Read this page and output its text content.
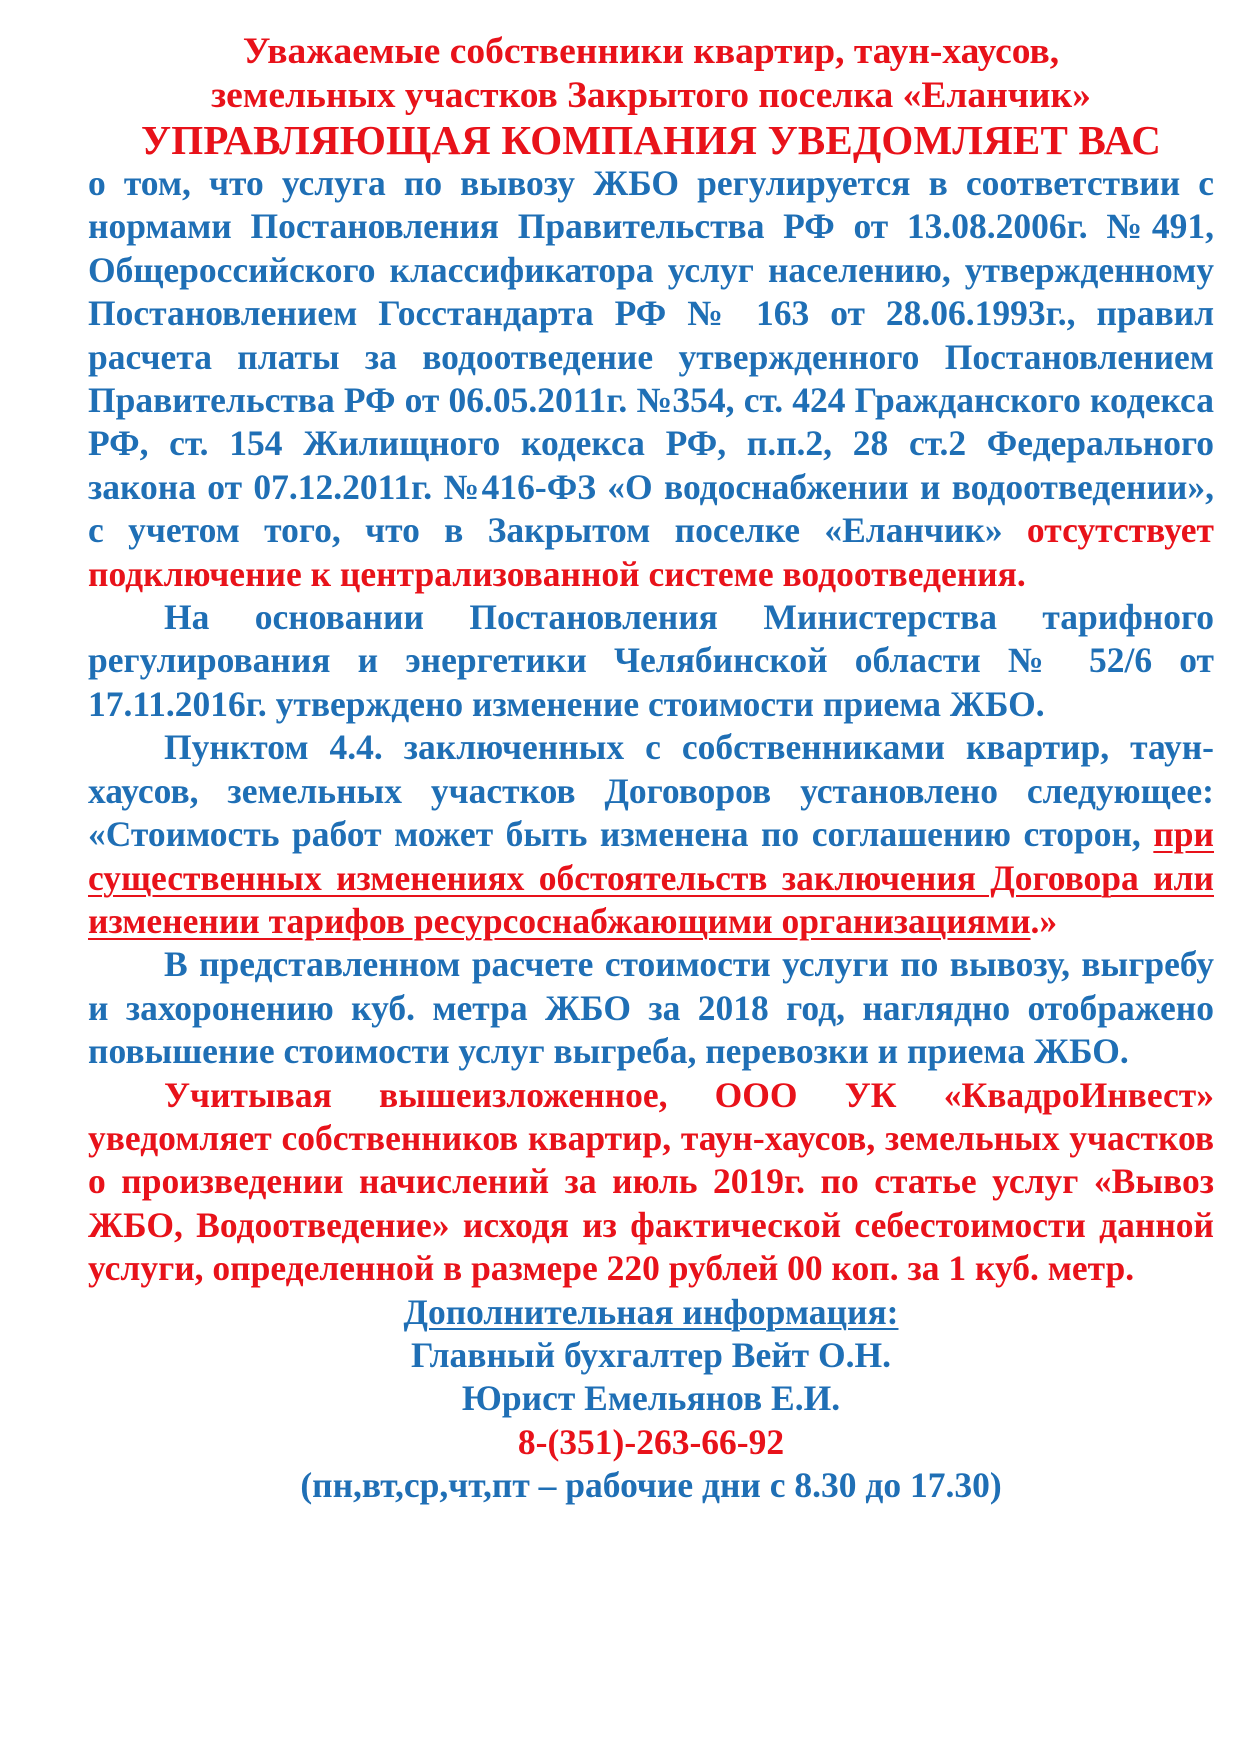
Уважаемые собственники квартир, таун-хаусов,
земельных участков Закрытого поселка «Еланчик»
УПРАВЛЯЮЩАЯ КОМПАНИЯ УВЕДОМЛЯЕТ ВАС

о том, что услуга по вывозу ЖБО регулируется в соответствии с нормами Постановления Правительства РФ от 13.08.2006г. №491, Общероссийского классификатора услуг населению, утвержденному Постановлением Госстандарта РФ № 163 от 28.06.1993г., правил расчета платы за водоотведение утвержденного Постановлением Правительства РФ от 06.05.2011г. №354, ст. 424 Гражданского кодекса РФ, ст. 154 Жилищного кодекса РФ, п.п.2, 28 ст.2 Федерального закона от 07.12.2011г. №416-ФЗ «О водоснабжении и водоотведении», с учетом того, что в Закрытом поселке «Еланчик» отсутствует подключение к централизованной системе водоотведения.

На основании Постановления Министерства тарифного регулирования и энергетики Челябинской области № 52/6 от 17.11.2016г. утверждено изменение стоимости приема ЖБО.

Пунктом 4.4. заключенных с собственниками квартир, таун-хаусов, земельных участков Договоров установлено следующее: «Стоимость работ может быть изменена по соглашению сторон, при существенных изменениях обстоятельств заключения Договора или изменении тарифов ресурсоснабжающими организациями.»

В представленном расчете стоимости услуги по вывозу, выгребу и захоронению куб. метра ЖБО за 2018 год, наглядно отображено повышение стоимости услуг выгреба, перевозки и приема ЖБО.

Учитывая вышеизложенное, ООО УК «КвадроИнвест» уведомляет собственников квартир, таун-хаусов, земельных участков о произведении начислений за июль 2019г. по статье услуг «Вывоз ЖБО, Водоотведение» исходя из фактической себестоимости данной услуги, определенной в размере 220 рублей 00 коп. за 1 куб. метр.

Дополнительная информация:
Главный бухгалтер Вейт О.Н.
Юрист Емельянов Е.И.
8-(351)-263-66-92
(пн,вт,ср,чт,пт – рабочие дни с 8.30 до 17.30)
